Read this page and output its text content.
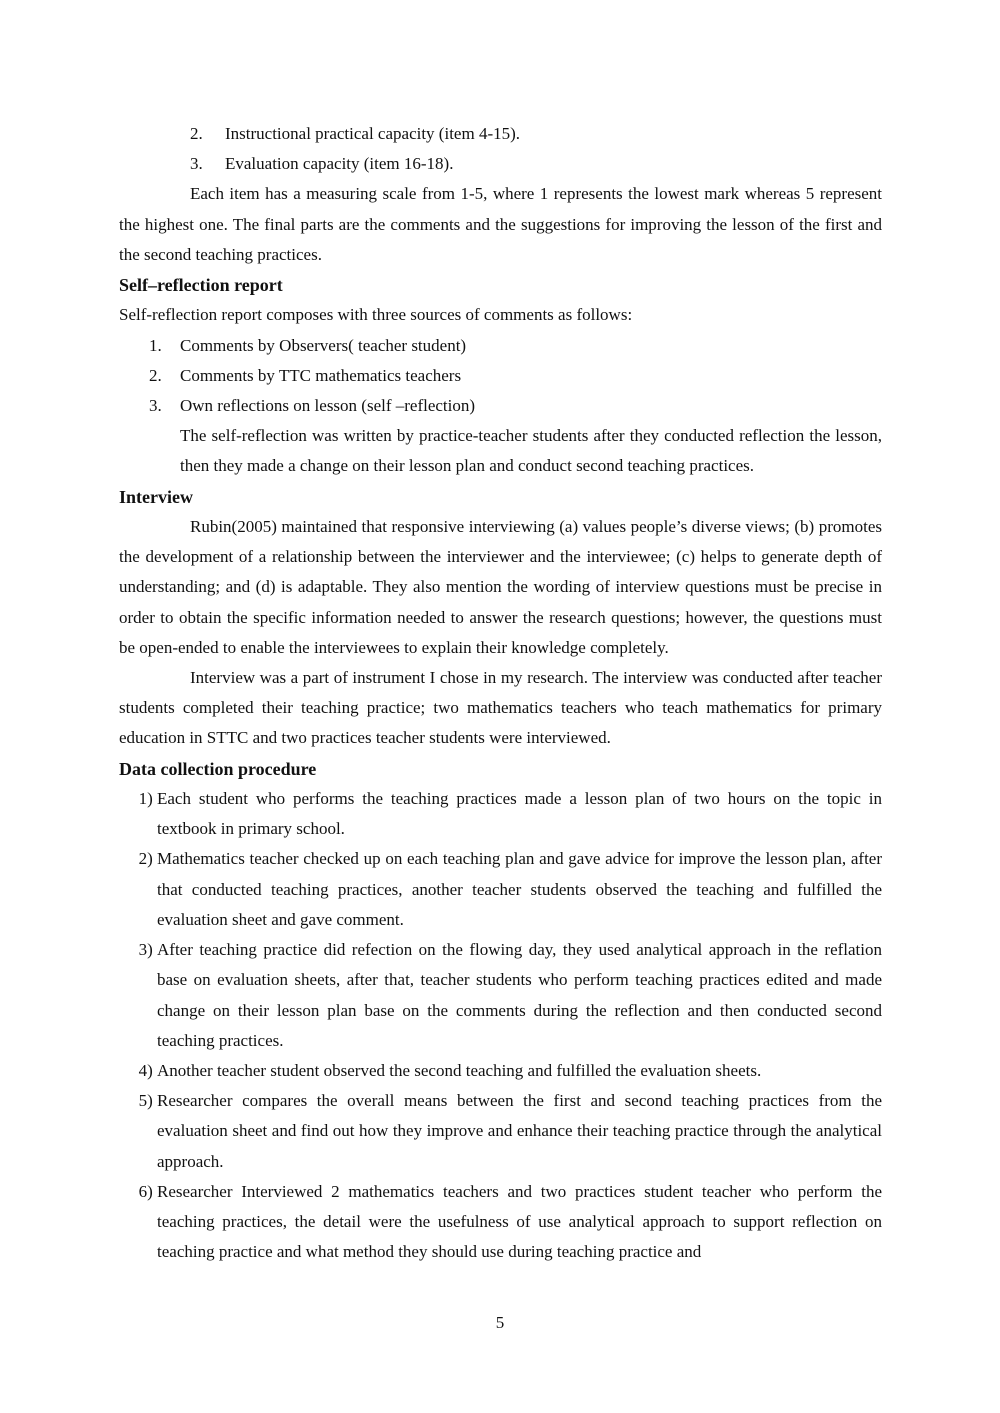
2.	Instructional practical capacity (item 4-15).
3.	Evaluation capacity (item 16-18).

Each item has a measuring scale from 1-5, where 1 represents the lowest mark whereas 5 represent the highest one. The final parts are the comments and the suggestions for improving the lesson of the first and the second teaching practices.

Self–reflection report

Self-reflection report composes with three sources of comments as follows:

1.	Comments by Observers( teacher student)
2.	Comments by TTC mathematics teachers
3.	Own reflections on lesson (self –reflection)

The self-reflection was written by practice-teacher students after they conducted reflection the lesson, then they made a change on their lesson plan and conduct second teaching practices.

Interview

Rubin(2005) maintained that responsive interviewing (a) values people’s diverse views; (b) promotes the development of a relationship between the interviewer and the interviewee; (c) helps to generate depth of understanding; and (d) is adaptable. They also mention the wording of interview questions must be precise in order to obtain the specific information needed to answer the research questions; however, the questions must be open-ended to enable the interviewees to explain their knowledge completely.

Interview was a part of instrument I chose in my research. The interview was conducted after teacher students completed their teaching practice; two mathematics teachers who teach mathematics for primary education in STTC and two practices teacher students were interviewed.

Data collection procedure
1) Each student who performs the teaching practices made a lesson plan of two hours on the topic in textbook in primary school.
2) Mathematics teacher checked up on each teaching plan and gave advice for improve the lesson plan, after that conducted teaching practices, another teacher students observed the teaching and fulfilled the evaluation sheet and gave comment.
3) After teaching practice did refection on the flowing day, they used analytical approach in the reflation base on evaluation sheets, after that, teacher students who perform teaching practices edited and made change on their lesson plan base on the comments during the reflection and then conducted second teaching practices.
4) Another teacher student observed the second teaching and fulfilled the evaluation sheets.
5) Researcher compares the overall means between the first and second teaching practices from the evaluation sheet and find out how they improve and enhance their teaching practice through the analytical approach.
6) Researcher Interviewed 2 mathematics teachers and two practices student teacher who perform the teaching practices, the detail were the usefulness of use analytical approach to support reflection on teaching practice and what method they should use during teaching practice and
5
